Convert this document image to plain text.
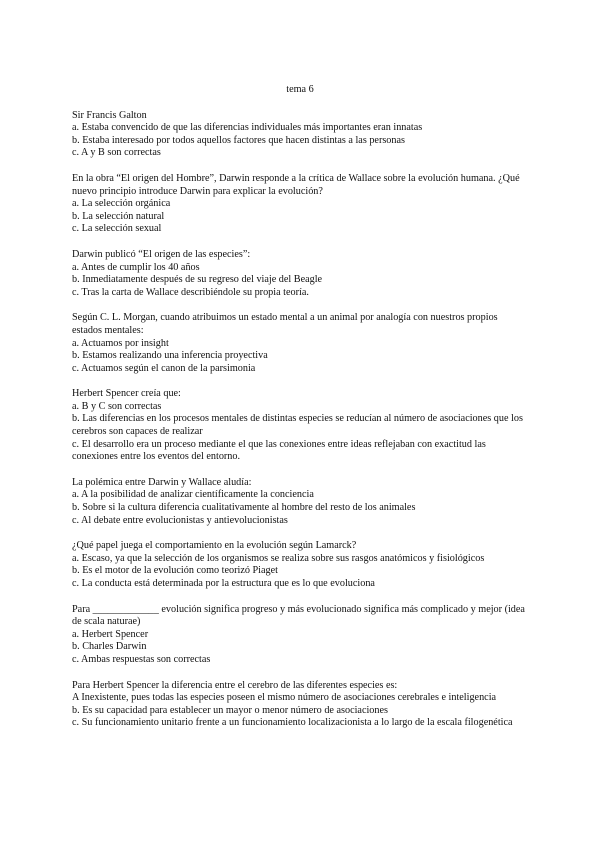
tema 6
Sir Francis Galton
a. Estaba convencido de que las diferencias individuales más importantes eran innatas
b. Estaba interesado por todos aquellos factores que hacen distintas a las personas
c. A y B son correctas
En la obra “El origen del Hombre”, Darwin responde a la crítica de Wallace sobre la evolución humana. ¿Qué nuevo principio introduce Darwin para explicar la evolución?
a. La selección orgánica
b. La selección natural
c. La selección sexual
Darwin publicó “El origen de las especies”:
a. Antes de cumplir los 40 años
b. Inmediatamente después de su regreso del viaje del Beagle
c. Tras la carta de Wallace describiéndole su propia teoría.
Según C. L. Morgan, cuando atribuimos un estado mental a un animal por analogía con nuestros propios estados mentales:
a. Actuamos por insight
b. Estamos realizando una inferencia proyectiva
c. Actuamos según el canon de la parsimonia
Herbert Spencer creía que:
a. B y C son correctas
b. Las diferencias en los procesos mentales de distintas especies se reducían al número de asociaciones que los cerebros son capaces de realizar
c. El desarrollo era un proceso mediante el que las conexiones entre ideas reflejaban con exactitud las conexiones entre los eventos del entorno.
La polémica entre Darwin y Wallace aludía:
a. A la posibilidad de analizar científicamente la conciencia
b. Sobre si la cultura diferencia cualitativamente al hombre del resto de los animales
c. Al debate entre evolucionistas y antievolucionistas
¿Qué papel juega el comportamiento en la evolución según Lamarck?
a. Escaso, ya que la selección de los organismos se realiza sobre sus rasgos anatómicos y fisiológicos
b. Es el motor de la evolución como teorizó Piaget
c. La conducta está determinada por la estructura que es lo que evoluciona
Para _____________ evolución significa progreso y más evolucionado significa más complicado y mejor (idea de scala naturae)
a. Herbert Spencer
b. Charles Darwin
c. Ambas respuestas son correctas
Para Herbert Spencer la diferencia entre el cerebro de las diferentes especies es:
A Inexistente, pues todas las especies poseen el mismo número de asociaciones cerebrales e inteligencia
b. Es su capacidad para establecer un mayor o menor número de asociaciones
c. Su funcionamiento unitario frente a un funcionamiento localizacionista a lo largo de la escala filogenética
